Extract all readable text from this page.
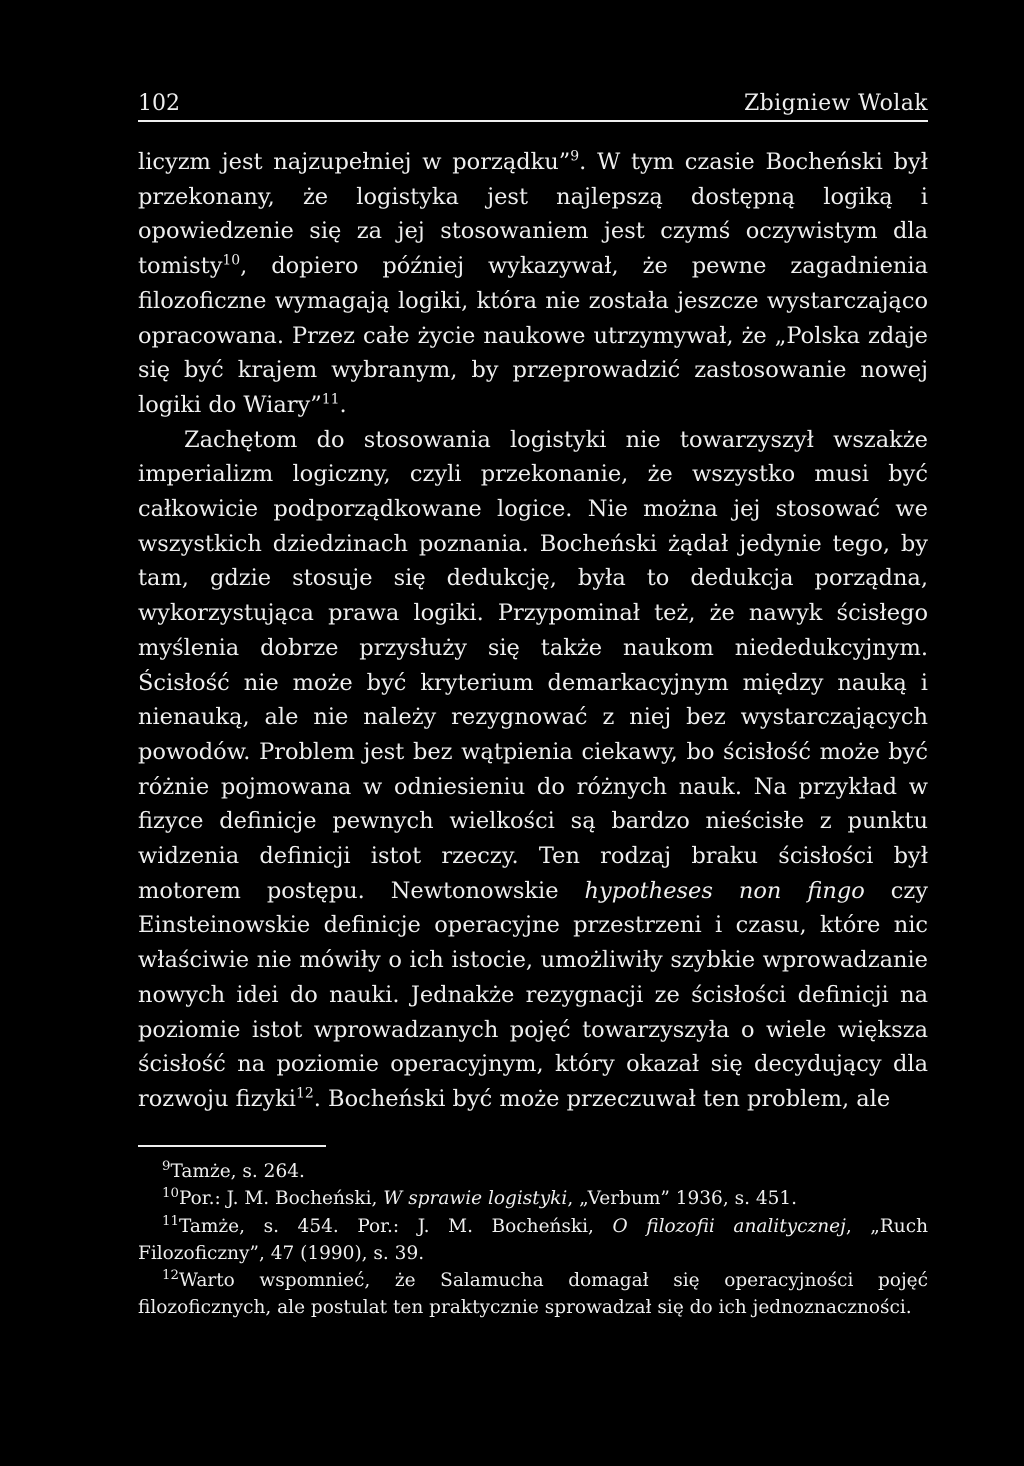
102	Zbigniew Wolak

licyzm jest najzupełniej w porządku”$^9$. W tym czasie Bocheński był przekonany, że logistyka jest najlepszą dostępną logiką i opowiedzenie się za jej stosowaniem jest czymś oczywistym dla tomisty$^{10}$, dopiero później wykazywał, że pewne zagadnienia filozoficzne wymagają logiki, która nie została jeszcze wystarczająco opracowana. Przez całe życie naukowe utrzymywał, że „Polska zdaje się być krajem wybranym, by przeprowadzić zastosowanie nowej logiki do Wiary”$^{11}$.

Zachętom do stosowania logistyki nie towarzyszył wszakże imperializm logiczny, czyli przekonanie, że wszystko musi być całkowicie podporządkowane logice. Nie można jej stosować we wszystkich dziedzinach poznania. Bocheński żądał jedynie tego, by tam, gdzie stosuje się dedukcję, była to dedukcja porządna, wykorzystująca prawa logiki. Przypominał też, że nawyk ścisłego myślenia dobrze przysłuży się także naukom niededukcyjnym. Ścisłość nie może być kryterium demarkacyjnym między nauką i nienauką, ale nie należy rezygnować z niej bez wystarczających powodów. Problem jest bez wątpienia ciekawy, bo ścisłość może być różnie pojmowana w odniesieniu do różnych nauk. Na przykład w fizyce definicje pewnych wielkości są bardzo nieścisłe z punktu widzenia definicji istot rzeczy. Ten rodzaj braku ścisłości był motorem postępu. Newtonowskie hypotheses non fingo czy Einsteinowskie definicje operacyjne przestrzeni i czasu, które nic właściwie nie mówiły o ich istocie, umożliwiły szybkie wprowadzanie nowych idei do nauki. Jednakże rezygnacji ze ścisłości definicji na poziomie istot wprowadzanych pojęć towarzyszyła o wiele większa ścisłość na poziomie operacyjnym, który okazał się decydujący dla rozwoju fizyki$^{12}$. Bocheński być może przeczuwał ten problem, ale

$^9$Tamże, s. 264.
$^{10}$Por.: J. M. Bocheński, W sprawie logistyki, „Verbum” 1936, s. 451.
$^{11}$Tamże, s. 454. Por.: J. M. Bocheński, O filozofii analitycznej, „Ruch Filozoficzny”, 47 (1990), s. 39.
$^{12}$Warto wspomnieć, że Salamucha domagał się operacyjności pojęć filozoficznych, ale postulat ten praktycznie sprowadzał się do ich jednoznaczności.
